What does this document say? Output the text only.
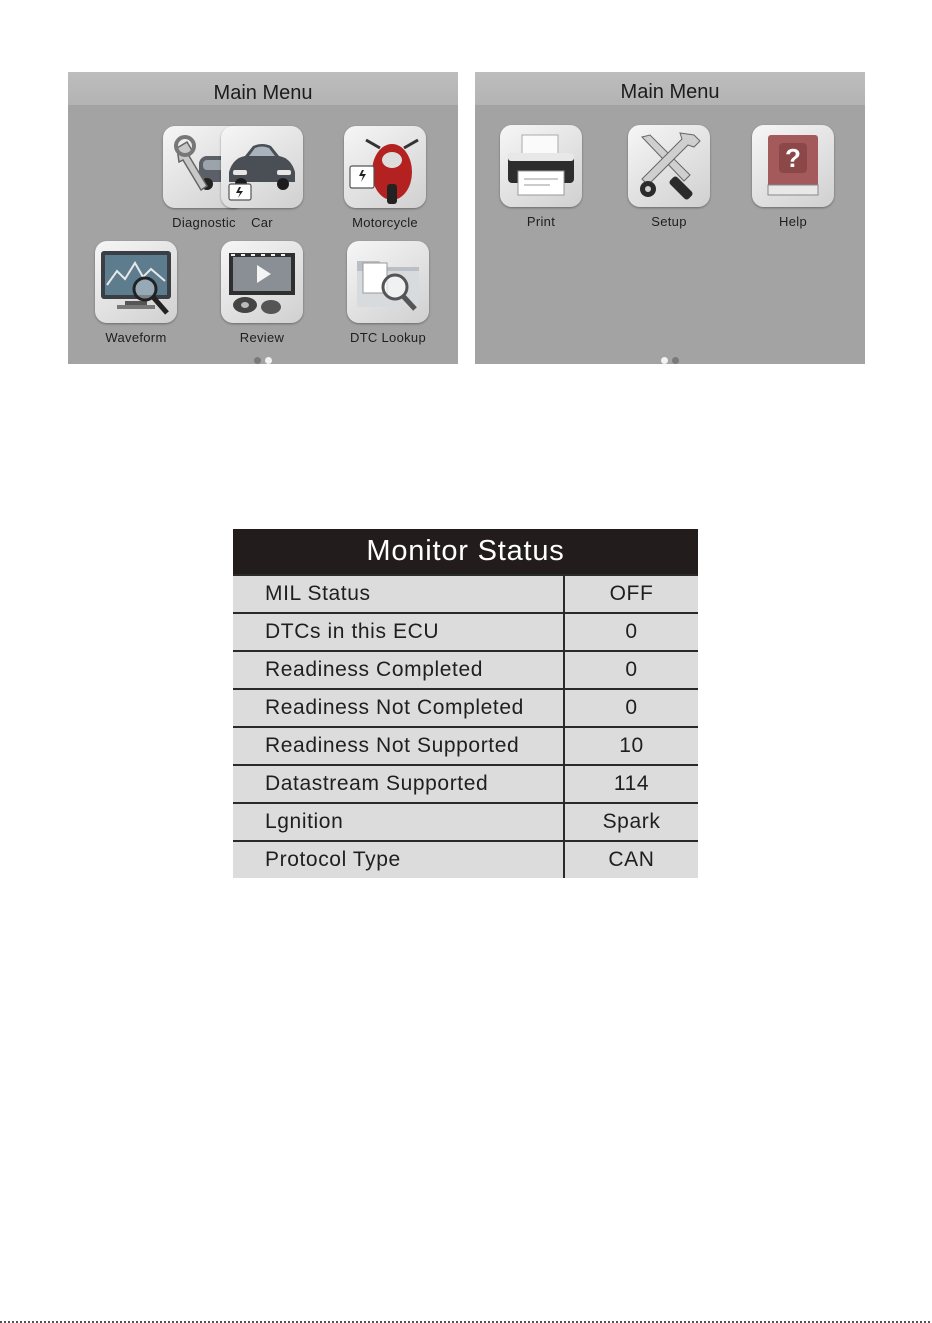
Main Menu
Diagnostic	Car	Motorcycle
Waveform	Review	DTC Lookup
Main Menu
Print	Setup
?
Help
Monitor Status	
MIL Status	OFF
DTCs in this ECU	0
Readiness Completed	0
Readiness Not Completed	0
Readiness Not Supported	10
Datastream Supported	114
Lgnition	Spark
Protocol Type	CAN
